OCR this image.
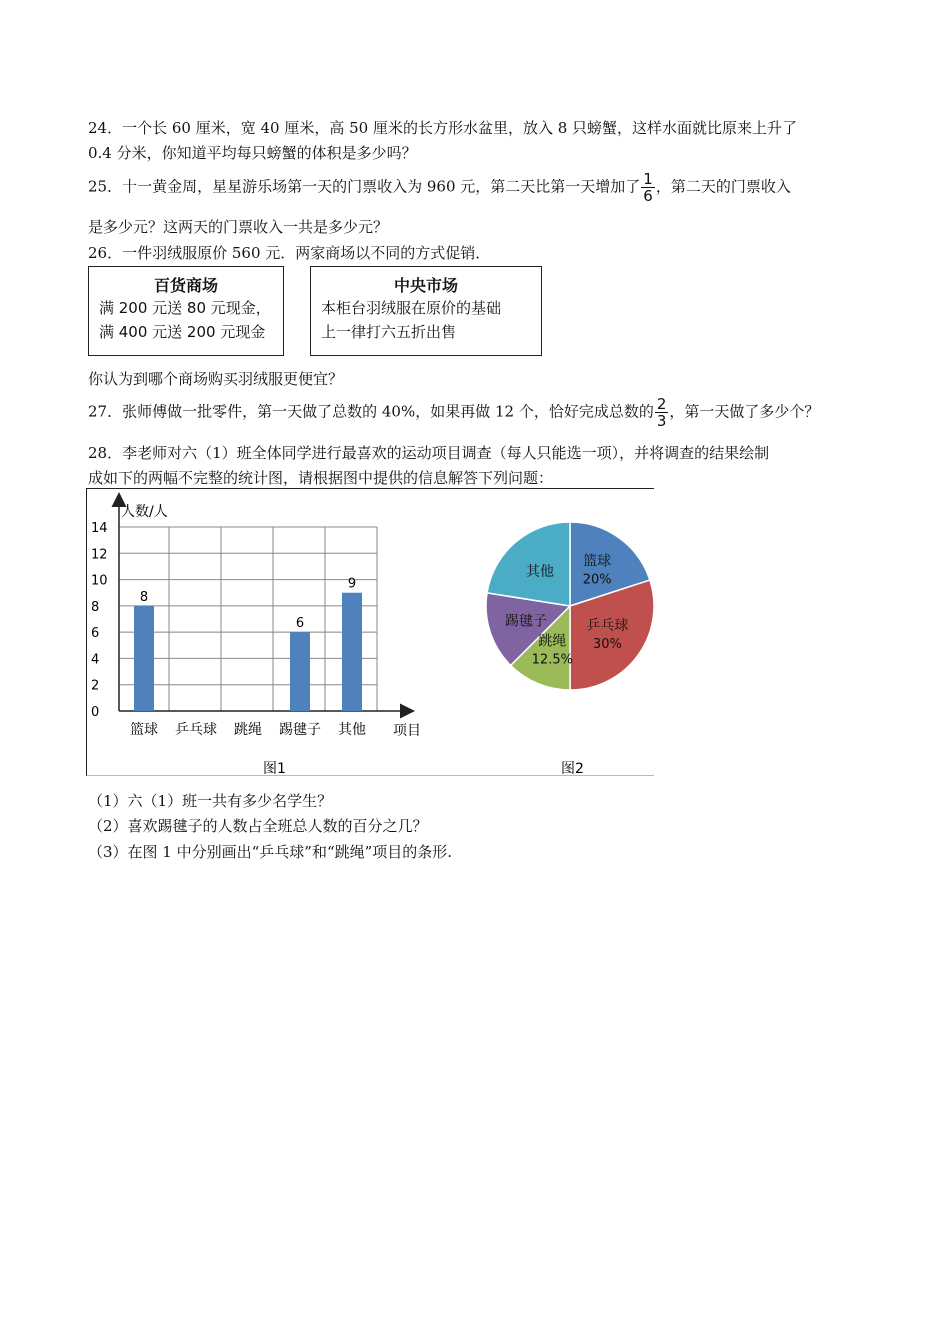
24．一个长 60 厘米，宽 40 厘米，高 50 厘米的长方形水盆里，放入 8 只螃蟹，这样水面就比原来上升了
0.4 分米，你知道平均每只螃蟹的体积是多少吗？
25．十一黄金周，星星游乐场第一天的门票收入为 960 元，第二天比第一天增加了 $\frac{1}{6}$ ，第二天的门票收入
是多少元？这两天的门票收入一共是多少元？
26．一件羽绒服原价 560 元．两家商场以不同的方式促销．
百货商场
满 200 元送 80 元现金，
满 400 元送 200 元现金
中央市场
本柜台羽绒服在原价的基础
上一律打六五折出售
你认为到哪个商场购买羽绒服更便宜？
27．张师傅做一批零件，第一天做了总数的 40%，如果再做 12 个，恰好完成总数的 $\frac{2}{3}$ ，第一天做了多少个？
28．李老师对六（1）班全体同学进行最喜欢的运动项目调查（每人只能选一项），并将调查的结果绘制
成如下的两幅不完整的统计图，请根据图中提供的信息解答下列问题：
0
2
4
6
8
10
12
14
人数/人
项目
图1
8
篮球 乒乓球 跳绳
6
踢毽子
9
其他
篮球
20%
乒乓球
30%
跳绳
12.5%
踢毽子
其他
图2
（1）六（1）班一共有多少名学生？
（2）喜欢踢毽子的人数占全班总人数的百分之几？
（3）在图 1 中分别画出“乒乓球”和“跳绳”项目的条形.
